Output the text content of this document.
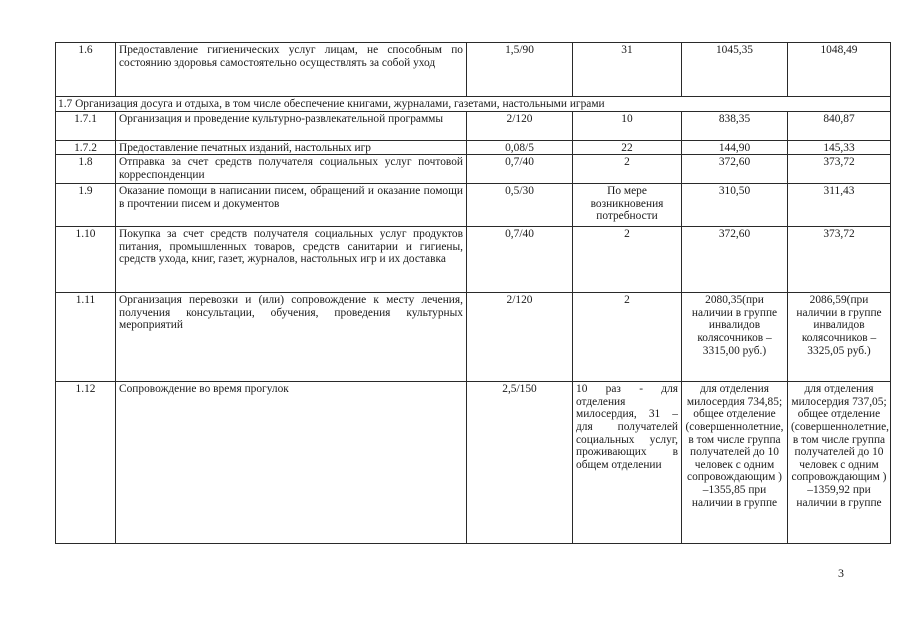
1.6	Предоставление гигиенических услуг лицам, не способным по состоянию здоровья самостоятельно осуществлять за собой уход	1,5/90	31	1045,35	1048,49
1.7 Организация досуга и отдыха, в том числе обеспечение книгами, журналами, газетами, настольными играми					
1.7.1	Организация и проведение культурно-развлекательной программы	2/120	10	838,35	840,87
1.7.2	Предоставление печатных изданий, настольных игр	0,08/5	22	144,90	145,33
1.8	Отправка за счет средств получателя социальных услуг почтовой корреспонденции	0,7/40	2	372,60	373,72
1.9	Оказание помощи в написании писем, обращений и оказание помощи в прочтении писем и документов	0,5/30	По мере возникновения потребности	310,50	311,43
1.10	Покупка за счет средств получателя социальных услуг продуктов питания, промышленных товаров, средств санитарии и гигиены, средств ухода, книг, газет, журналов, настольных игр и их доставка	0,7/40	2	372,60	373,72
1.11	Организация перевозки и (или) сопровождение к месту лечения, получения консультации, обучения, проведения культурных мероприятий	2/120	2	2080,35(при наличии в группе инвалидов колясочников – 3315,00 руб.)	2086,59(при наличии в группе инвалидов колясочников – 3325,05 руб.)
1.12	Сопровождение во время прогулок	2,5/150	10 раз - для отделения милосердия, 31 – для получателей социальных услуг, проживающих в общем отделении	для отделения милосердия 734,85; общее отделение (совершеннолетние, в том числе группа получателей до 10 человек с одним сопровождающим ) –1355,85 при наличии в группе	для отделения милосердия 737,05; общее отделение (совершеннолетние, в том числе группа получателей до 10 человек с одним сопровождающим ) –1359,92 при наличии в группе
3
